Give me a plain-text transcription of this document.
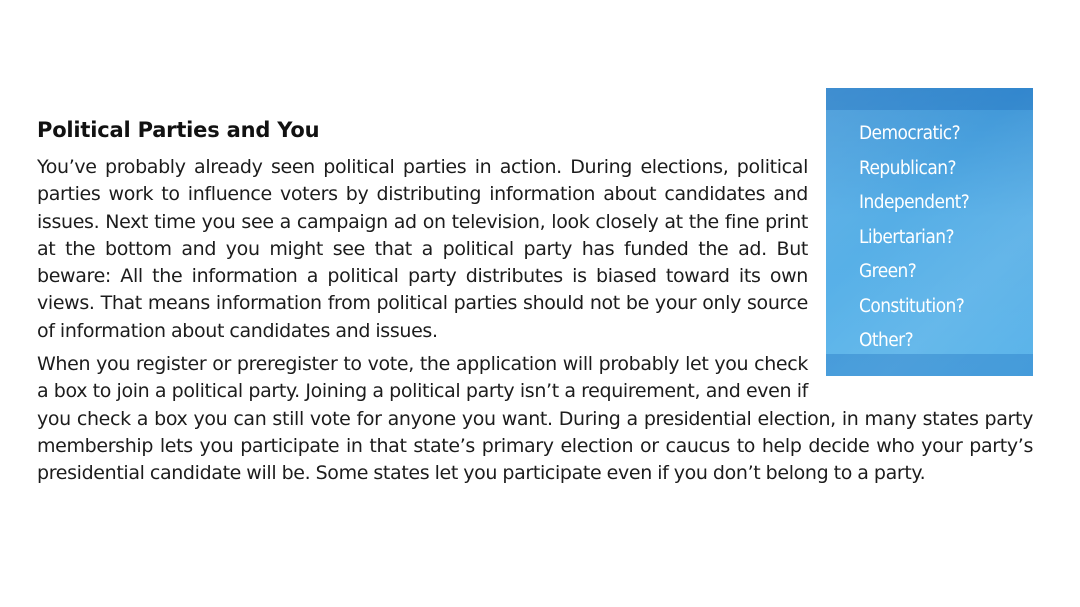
Democratic?
Republican?
Independent?
Libertarian?
Green?
Constitution?
Other?
Political Parties and You

You’ve probably already seen political parties in action. During elections, political parties work to influence voters by distributing information about candidates and issues. Next time you see a campaign ad on television, look closely at the fine print at the bottom and you might see that a political party has funded the ad. But beware: All the information a political party distributes is biased toward its own views. That means information from political parties should not be your only source of information about candidates and issues.

When you register or preregister to vote, the application will probably let you check a box to join a political party. Joining a political party isn’t a requirement, and even if you check a box you can still vote for anyone you want. During a presidential election, in many states party membership lets you participate in that state’s primary election or caucus to help decide who your party’s presidential candidate will be. Some states let you participate even if you don’t belong to a party.
